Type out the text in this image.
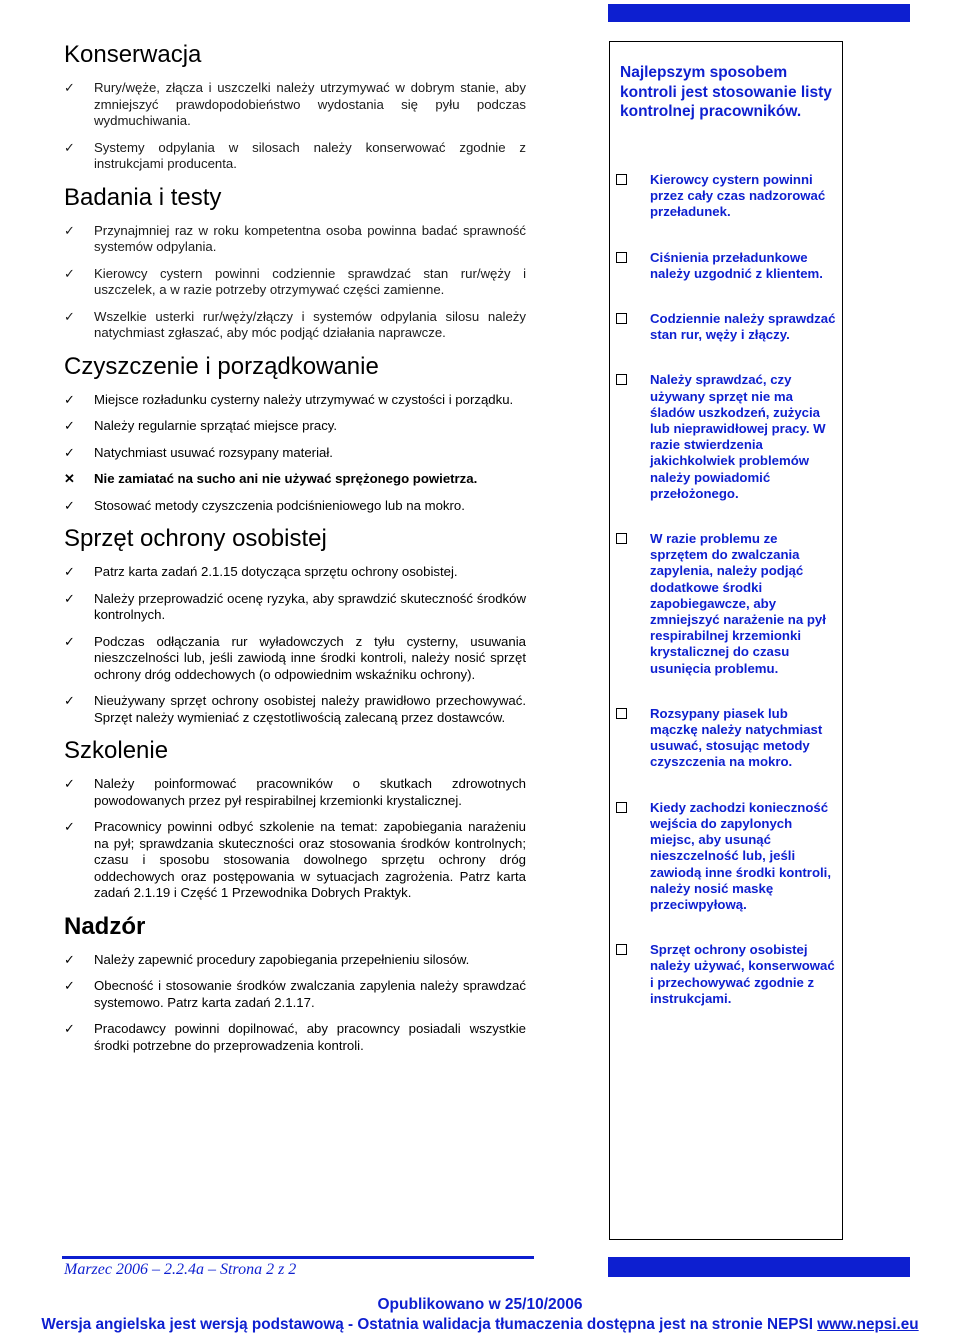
Konserwacja
✓ Rury/węże, złącza i uszczelki należy utrzymywać w dobrym stanie, aby zmniejszyć prawdopodobieństwo wydostania się pyłu podczas wydmuchiwania.
✓ Systemy odpylania w silosach należy konserwować zgodnie z instrukcjami producenta.
Badania i testy
✓ Przynajmniej raz w roku kompetentna osoba powinna badać sprawność systemów odpylania.
✓ Kierowcy cystern powinni codziennie sprawdzać stan rur/węży i uszczelek, a w razie potrzeby otrzymywać części zamienne.
✓ Wszelkie usterki rur/węży/złączy i systemów odpylania silosu należy natychmiast zgłaszać, aby móc podjąć działania naprawcze.
Czyszczenie i porządkowanie
✓ Miejsce rozładunku cysterny należy utrzymywać w czystości i porządku.
✓ Należy regularnie sprzątać miejsce pracy.
✓ Natychmiast usuwać rozsypany materiał.
✕ Nie zamiatać na sucho ani nie używać sprężonego powietrza.
✓ Stosować metody czyszczenia podciśnieniowego lub na mokro.
Sprzęt ochrony osobistej
✓ Patrz karta zadań 2.1.15 dotycząca sprzętu ochrony osobistej.
✓ Należy przeprowadzić ocenę ryzyka, aby sprawdzić skuteczność środków kontrolnych.
✓ Podczas odłączania rur wyładowczych z tyłu cysterny, usuwania nieszczelności lub, jeśli zawiodą inne środki kontroli, należy nosić sprzęt ochrony dróg oddechowych (o odpowiednim wskaźniku ochrony).
✓ Nieużywany sprzęt ochrony osobistej należy prawidłowo przechowywać. Sprzęt należy wymieniać z częstotliwością zalecaną przez dostawców.
Szkolenie
✓ Należy poinformować pracowników o skutkach zdrowotnych powodowanych przez pył respirabilnej krzemionki krystalicznej.
✓ Pracownicy powinni odbyć szkolenie na temat: zapobiegania narażeniu na pył; sprawdzania skuteczności oraz stosowania środków kontrolnych; czasu i sposobu stosowania dowolnego sprzętu ochrony dróg oddechowych oraz postępowania w sytuacjach zagrożenia. Patrz karta zadań 2.1.19 i Część 1 Przewodnika Dobrych Praktyk.
Nadzór
✓ Należy zapewnić procedury zapobiegania przepełnieniu silosów.
✓ Obecność i stosowanie środków zwalczania zapylenia należy sprawdzać systemowo. Patrz karta zadań 2.1.17.
✓ Pracodawcy powinni dopilnować, aby pracowncy posiadali wszystkie środki potrzebne do przeprowadzenia kontroli.
Najlepszym sposobem kontroli jest stosowanie listy kontrolnej pracowników.
Kierowcy cystern powinni przez cały czas nadzorować przeładunek.
Ciśnienia przeładunkowe należy uzgodnić z klientem.
Codziennie należy sprawdzać stan rur, węży i złączy.
Należy sprawdzać, czy używany sprzęt nie ma śladów uszkodzeń, zużycia lub nieprawidłowej pracy. W razie stwierdzenia jakichkolwiek problemów należy powiadomić przełożonego.
W razie problemu ze sprzętem do zwalczania zapylenia, należy podjąć dodatkowe środki zapobiegawcze, aby zmniejszyć narażenie na pył respirabilnej krzemionki krystalicznej do czasu usunięcia problemu.
Rozsypany piasek lub mączkę należy natychmiast usuwać, stosując metody czyszczenia na mokro.
Kiedy zachodzi konieczność wejścia do zapylonych miejsc, aby usunąć nieszczelność lub, jeśli zawiodą inne środki kontroli, należy nosić maskę przeciwpyłową.
Sprzęt ochrony osobistej należy używać, konserwować i przechowywać zgodnie z instrukcjami.
Marzec 2006 – 2.2.4a – Strona 2 z 2
Opublikowano w 25/10/2006
Wersja angielska jest wersją podstawową - Ostatnia walidacja tłumaczenia dostępna jest na stronie NEPSI www.nepsi.eu
